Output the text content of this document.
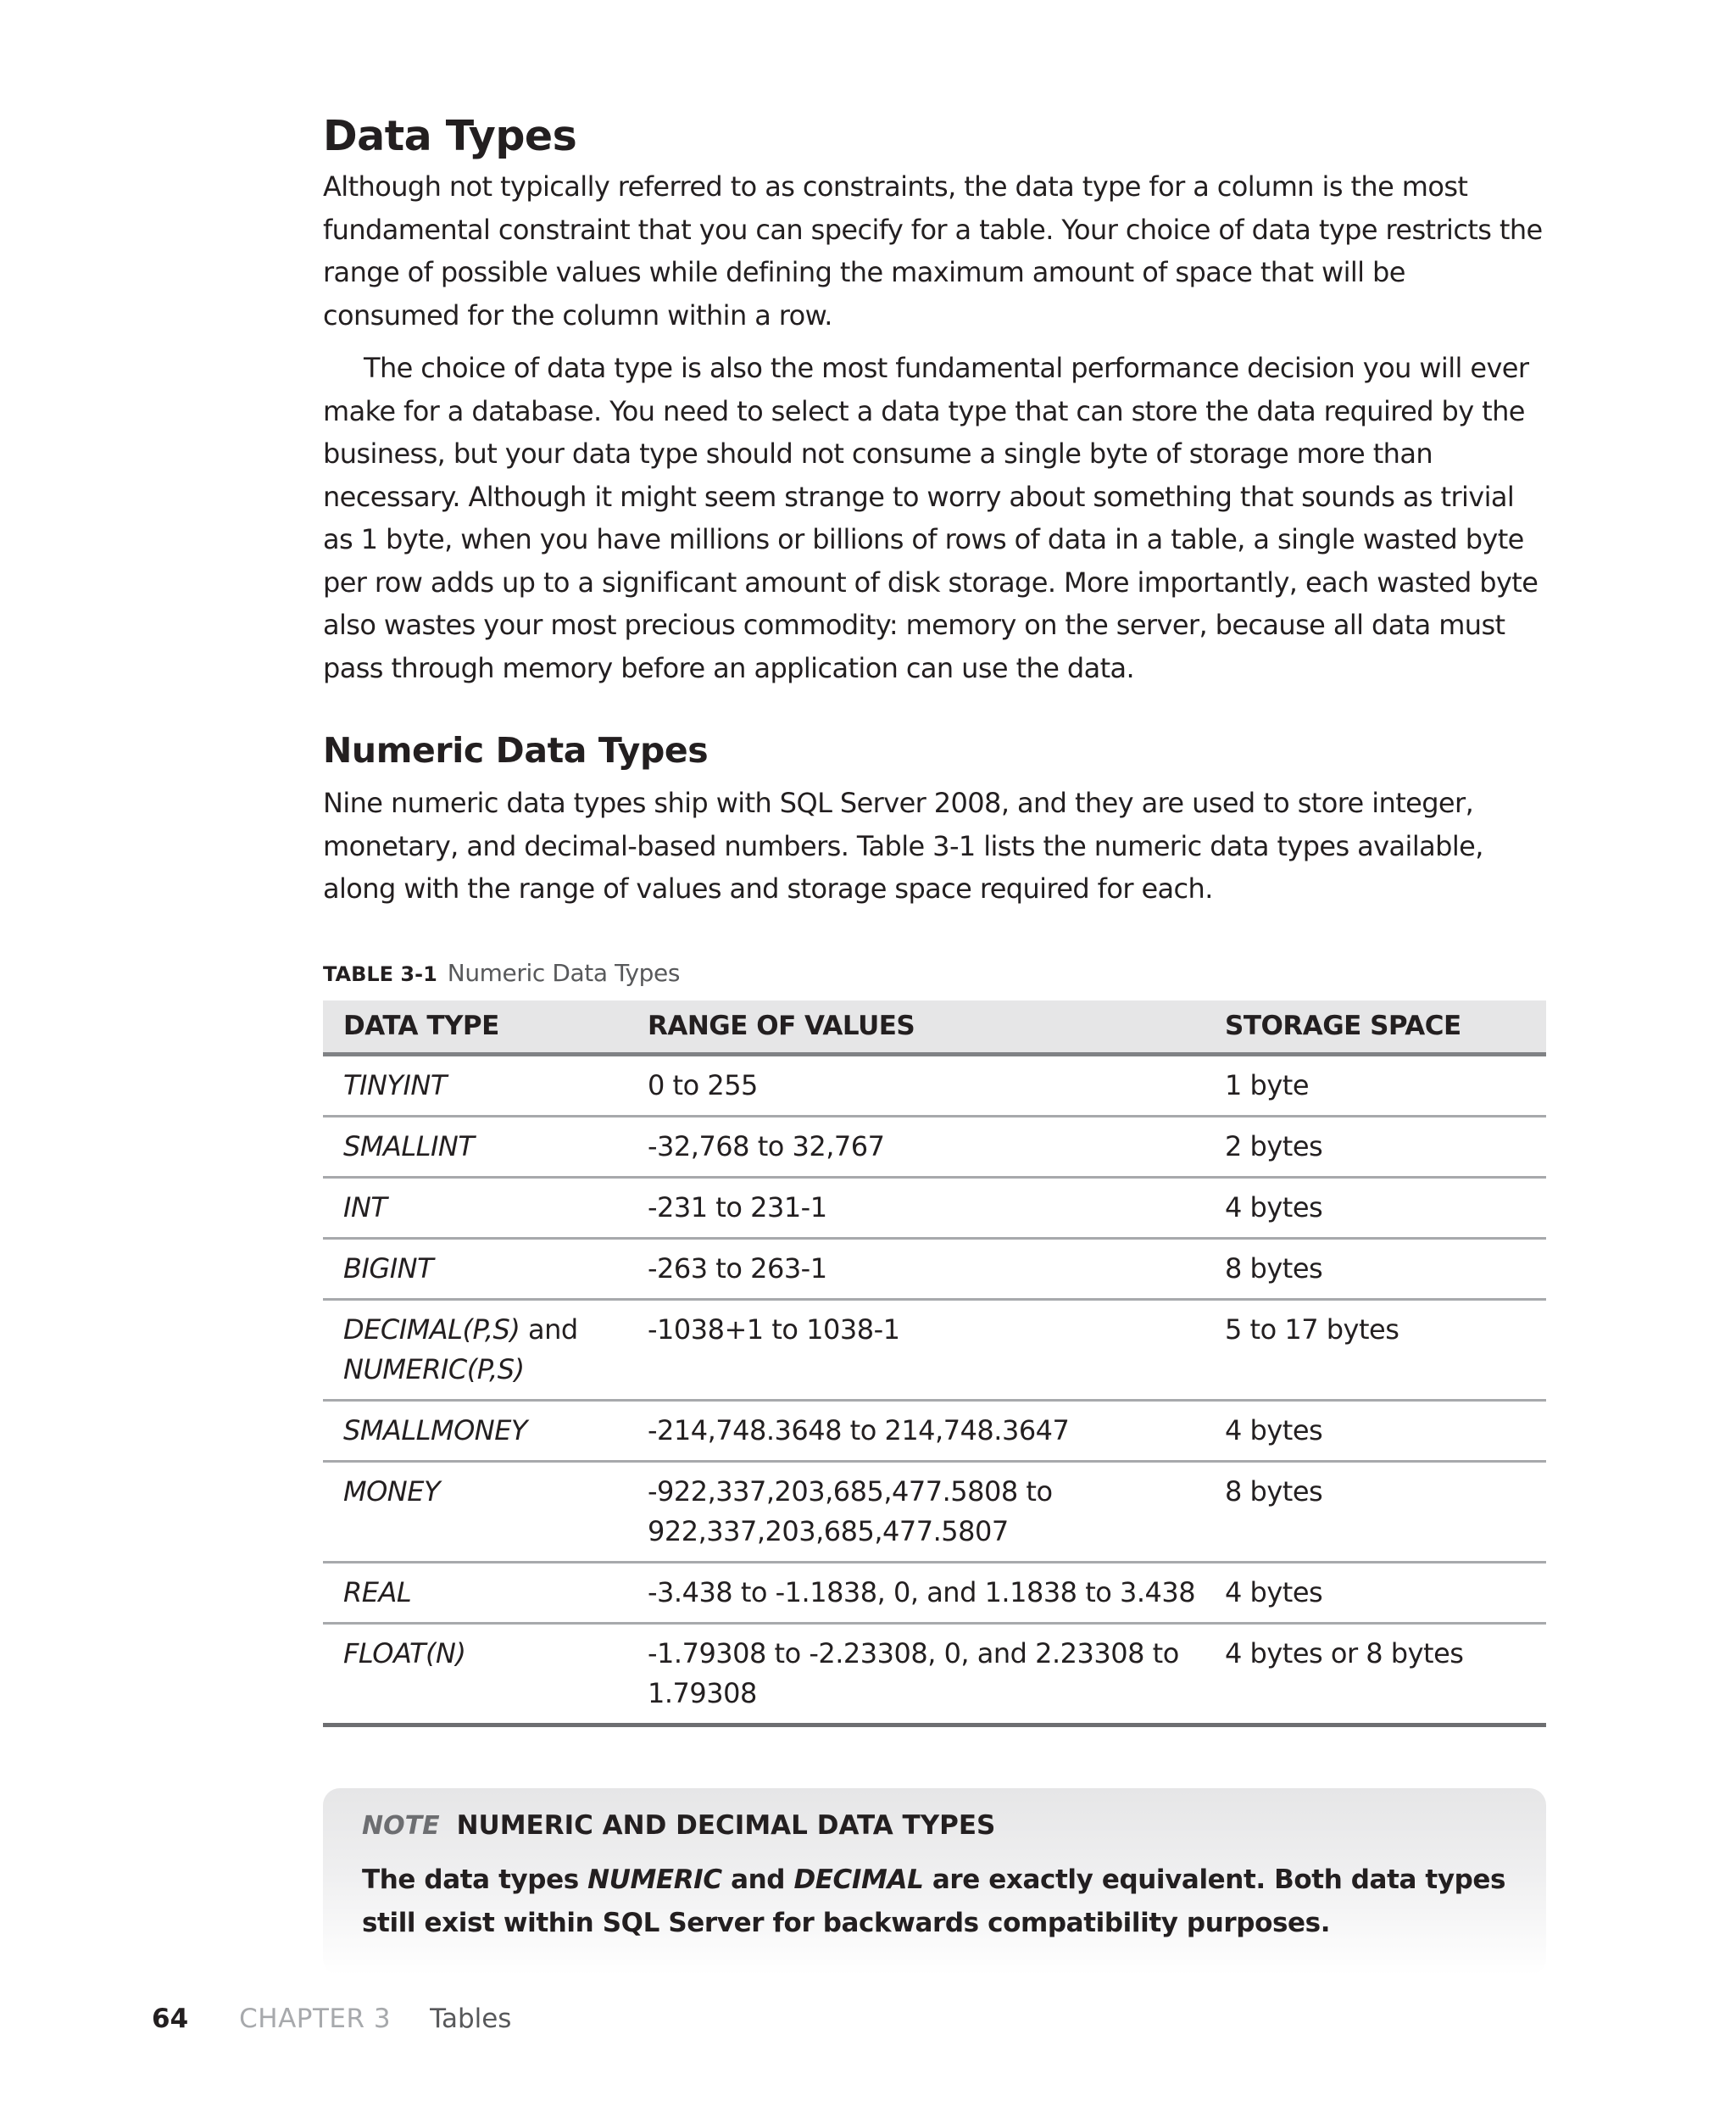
Data Types

Although not typically referred to as constraints, the data type for a column is the most fundamental constraint that you can specify for a table. Your choice of data type restricts the range of possible values while defining the maximum amount of space that will be consumed for the column within a row.

The choice of data type is also the most fundamental performance decision you will ever make for a database. You need to select a data type that can store the data required by the business, but your data type should not consume a single byte of storage more than necessary. Although it might seem strange to worry about something that sounds as trivial as 1 byte, when you have millions or billions of rows of data in a table, a single wasted byte per row adds up to a significant amount of disk storage. More importantly, each wasted byte also wastes your most precious commodity: memory on the server, because all data must pass through memory before an application can use the data.

Numeric Data Types

Nine numeric data types ship with SQL Server 2008, and they are used to store integer, monetary, and decimal-based numbers. Table 3-1 lists the numeric data types available, along with the range of values and storage space required for each.

TABLE 3-1 Numeric Data Types
DATA TYPE	RANGE OF VALUES	STORAGE SPACE
TINYINT	0 to 255	1 byte
SMALLINT	-32,768 to 32,767	2 bytes
INT	-231 to 231-1	4 bytes
BIGINT	-263 to 263-1	8 bytes
DECIMAL(P,S) and
NUMERIC(P,S)	-1038+1 to 1038-1	5 to 17 bytes
SMALLMONEY	-214,748.3648 to 214,748.3647	4 bytes
MONEY	-922,337,203,685,477.5808 to 922,337,203,685,477.5807	8 bytes
REAL	-3.438 to -1.1838, 0, and 1.1838 to 3.438	4 bytes
FLOAT(N)	-1.79308 to -2.23308, 0, and 2.23308 to 1.79308	4 bytes or 8 bytes
NOTE NUMERIC AND DECIMAL DATA TYPES
The data types NUMERIC and DECIMAL are exactly equivalent. Both data types still exist within SQL Server for backwards compatibility purposes.
64 CHAPTER 3 Tables
